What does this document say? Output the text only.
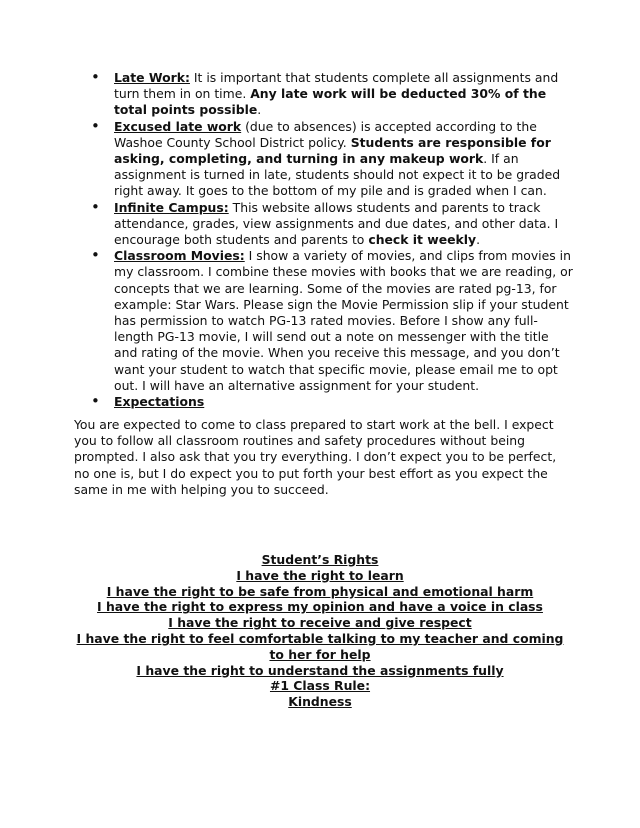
• Late Work: It is important that students complete all assignments and turn them in on time. Any late work will be deducted 30% of the total points possible.
• Excused late work (due to absences) is accepted according to the Washoe County School District policy. Students are responsible for asking, completing, and turning in any makeup work. If an assignment is turned in late, students should not expect it to be graded right away. It goes to the bottom of my pile and is graded when I can.
• Infinite Campus: This website allows students and parents to track attendance, grades, view assignments and due dates, and other data. I encourage both students and parents to check it weekly.
• Classroom Movies: I show a variety of movies, and clips from movies in my classroom. I combine these movies with books that we are reading, or concepts that we are learning. Some of the movies are rated pg-13, for example: Star Wars. Please sign the Movie Permission slip if your student has permission to watch PG-13 rated movies. Before I show any full-length PG-13 movie, I will send out a note on messenger with the title and rating of the movie. When you receive this message, and you don’t want your student to watch that specific movie, please email me to opt out. I will have an alternative assignment for your student.
• Expectations

You are expected to come to class prepared to start work at the bell. I expect you to follow all classroom routines and safety procedures without being prompted. I also ask that you try everything. I don’t expect you to be perfect, no one is, but I do expect you to put forth your best effort as you expect the same in me with helping you to succeed.

Student’s Rights
I have the right to learn
I have the right to be safe from physical and emotional harm
I have the right to express my opinion and have a voice in class
I have the right to receive and give respect
I have the right to feel comfortable talking to my teacher and coming to her for help
I have the right to understand the assignments fully
#1 Class Rule:
Kindness
